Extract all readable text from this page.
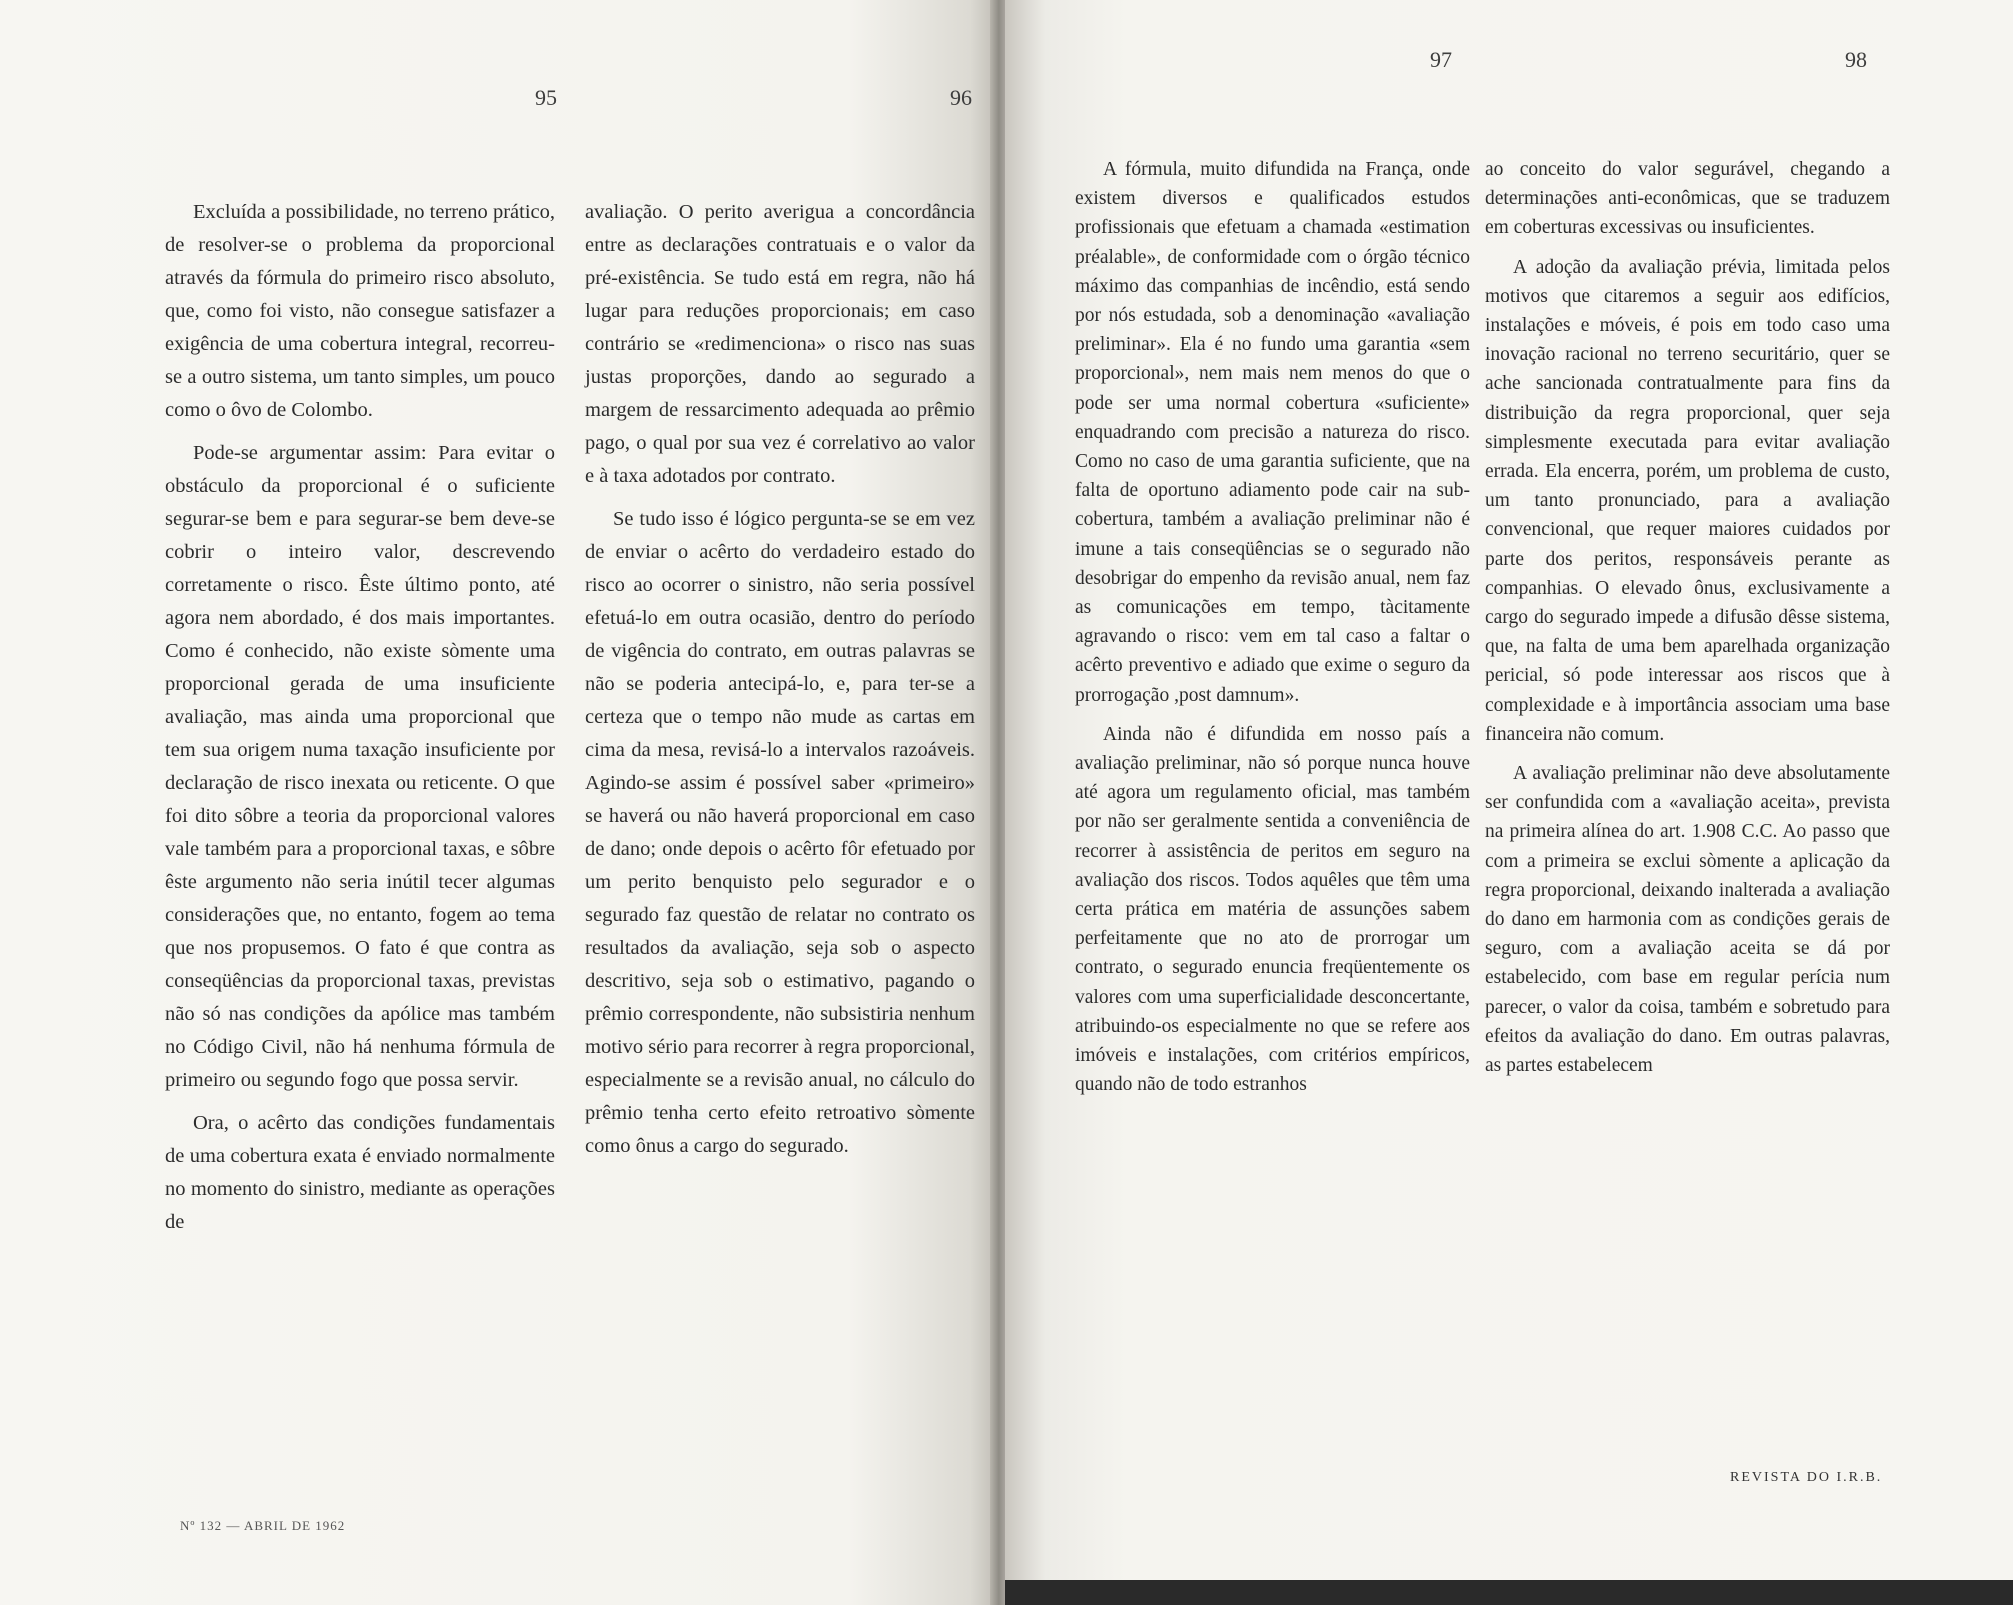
95	96

Excluída a possibilidade, no terreno prático, de resolver-se o problema da proporcional através da fórmula do primeiro risco absoluto, que, como foi visto, não consegue satisfazer a exigência de uma cobertura integral, recorreu-se a outro sistema, um tanto simples, um pouco como o ôvo de Colombo.

Pode-se argumentar assim: Para evitar o obstáculo da proporcional é o suficiente segurar-se bem e para segurar-se bem deve-se cobrir o inteiro valor, descrevendo corretamente o risco. Êste último ponto, até agora nem abordado, é dos mais importantes. Como é conhecido, não existe sòmente uma proporcional gerada de uma insuficiente avaliação, mas ainda uma proporcional que tem sua origem numa taxação insuficiente por declaração de risco inexata ou reticente. O que foi dito sôbre a teoria da proporcional valores vale também para a proporcional taxas, e sôbre êste argumento não seria inútil tecer algumas considerações que, no entanto, fogem ao tema que nos propusemos. O fato é que contra as conseqüências da proporcional taxas, previstas não só nas condições da apólice mas também no Código Civil, não há nenhuma fórmula de primeiro ou segundo fogo que possa servir.

Ora, o acêrto das condições fundamentais de uma cobertura exata é enviado normalmente no momento do sinistro, mediante as operações de

avaliação. O perito averigua a concordância entre as declarações contratuais e o valor da pré-existência. Se tudo está em regra, não há lugar para reduções proporcionais; em caso contrário se «redimenciona» o risco nas suas justas proporções, dando ao segurado a margem de ressarcimento adequada ao prêmio pago, o qual por sua vez é correlativo ao valor e à taxa adotados por contrato.

Se tudo isso é lógico pergunta-se se em vez de enviar o acêrto do verdadeiro estado do risco ao ocorrer o sinistro, não seria possível efetuá-lo em outra ocasião, dentro do período de vigência do contrato, em outras palavras se não se poderia antecipá-lo, e, para ter-se a certeza que o tempo não mude as cartas em cima da mesa, revisá-lo a intervalos razoáveis. Agindo-se assim é possível saber «primeiro» se haverá ou não haverá proporcional em caso de dano; onde depois o acêrto fôr efetuado por um perito benquisto pelo segurador e o segurado faz questão de relatar no contrato os resultados da avaliação, seja sob o aspecto descritivo, seja sob o estimativo, pagando o prêmio correspondente, não subsistiria nenhum motivo sério para recorrer à regra proporcional, especialmente se a revisão anual, no cálculo do prêmio tenha certo efeito retroativo sòmente como ônus a cargo do segurado.

Nº 132 — ABRIL DE 1962
97	98

A fórmula, muito difundida na França, onde existem diversos e qualificados estudos profissionais que efetuam a chamada «estimation préalable», de conformidade com o órgão técnico máximo das companhias de incêndio, está sendo por nós estudada, sob a denominação «avaliação preliminar». Ela é no fundo uma garantia «sem proporcional», nem mais nem menos do que o pode ser uma normal cobertura «suficiente» enquadrando com precisão a natureza do risco. Como no caso de uma garantia suficiente, que na falta de oportuno adiamento pode cair na sub-cobertura, também a avaliação preliminar não é imune a tais conseqüências se o segurado não desobrigar do empenho da revisão anual, nem faz as comunicações em tempo, tàcitamente agravando o risco: vem em tal caso a faltar o acêrto preventivo e adiado que exime o seguro da prorrogação ,post damnum».

Ainda não é difundida em nosso país a avaliação preliminar, não só porque nunca houve até agora um regulamento oficial, mas também por não ser geralmente sentida a conveniência de recorrer à assistência de peritos em seguro na avaliação dos riscos. Todos aquêles que têm uma certa prática em matéria de assunções sabem perfeitamente que no ato de prorrogar um contrato, o segurado enuncia freqüentemente os valores com uma superficialidade desconcertante, atribuindo-os especialmente no que se refere aos imóveis e instalações, com critérios empíricos, quando não de todo estranhos

ao conceito do valor segurável, chegando a determinações anti-econômicas, que se traduzem em coberturas excessivas ou insuficientes.

A adoção da avaliação prévia, limitada pelos motivos que citaremos a seguir aos edifícios, instalações e móveis, é pois em todo caso uma inovação racional no terreno securitário, quer se ache sancionada contratualmente para fins da distribuição da regra proporcional, quer seja simplesmente executada para evitar avaliação errada. Ela encerra, porém, um problema de custo, um tanto pronunciado, para a avaliação convencional, que requer maiores cuidados por parte dos peritos, responsáveis perante as companhias. O elevado ônus, exclusivamente a cargo do segurado impede a difusão dêsse sistema, que, na falta de uma bem aparelhada organização pericial, só pode interessar aos riscos que à complexidade e à importância associam uma base financeira não comum.

A avaliação preliminar não deve absolutamente ser confundida com a «avaliação aceita», prevista na primeira alínea do art. 1.908 C.C. Ao passo que com a primeira se exclui sòmente a aplicação da regra proporcional, deixando inalterada a avaliação do dano em harmonia com as condições gerais de seguro, com a avaliação aceita se dá por estabelecido, com base em regular perícia num parecer, o valor da coisa, também e sobretudo para efeitos da avaliação do dano. Em outras palavras, as partes estabelecem

REVISTA DO I.R.B.
